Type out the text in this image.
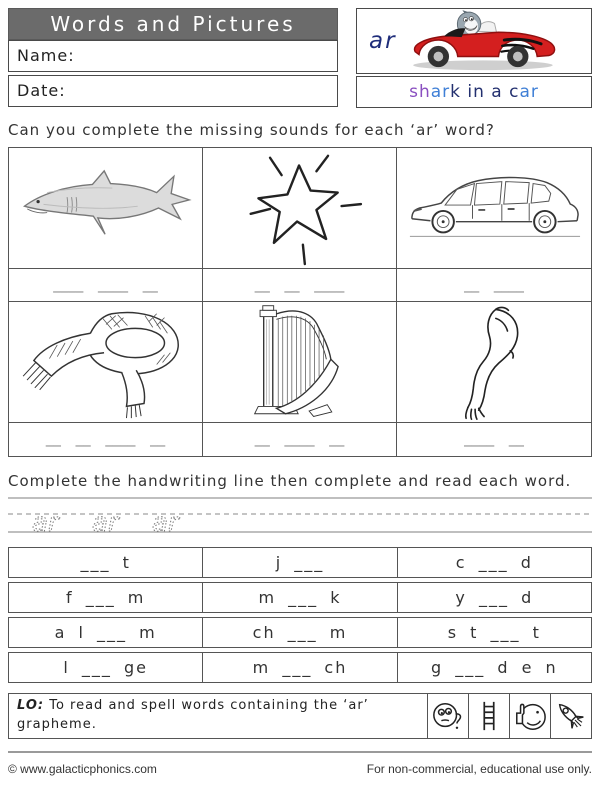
Words and Pictures
Name:
Date:
ar
shark in a car
Can you complete the missing sounds for each ‘ar’ word?
____ ____ __	__ __ ____	__ ____
__ __ ____ __	__ ____ __	____ __
Complete the handwriting line then complete and read each word.
ar ar ar
___ t	j ___	c ___ d
f ___ m	m ___ k	y ___ d
a l ___ m	ch ___ m	s t ___ t
l ___ ge	m ___ ch	g ___ d e n
LO: To read and spell words containing the ‘ar’ grapheme.
© www.galacticphonics.com	For non-commercial, educational use only.
